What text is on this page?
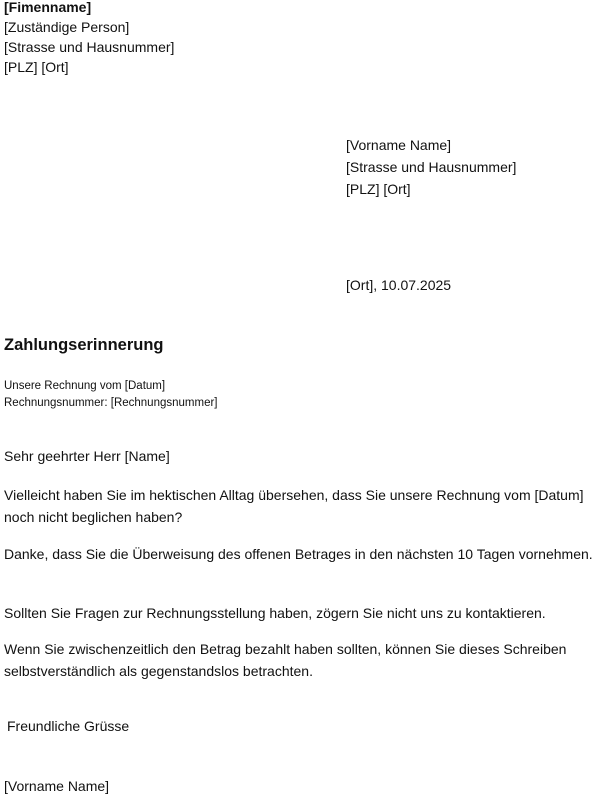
[Fimenname]

[Zuständige Person]

[Strasse und Hausnummer]

[PLZ] [Ort]

[Vorname Name]

[Strasse und Hausnummer]

[PLZ] [Ort]

[Ort], 10.07.2025

Zahlungserinnerung

Unsere Rechnung vom [Datum]

Rechnungsnummer: [Rechnungsnummer]

Sehr geehrter Herr [Name]

Vielleicht haben Sie im hektischen Alltag übersehen, dass Sie unsere Rechnung vom [Datum] noch nicht beglichen haben?

Danke, dass Sie die Überweisung des offenen Betrages in den nächsten 10 Tagen vornehmen.

Sollten Sie Fragen zur Rechnungsstellung haben, zögern Sie nicht uns zu kontaktieren.

Wenn Sie zwischenzeitlich den Betrag bezahlt haben sollten, können Sie dieses Schreiben selbstverständlich als gegenstandslos betrachten.

Freundliche Grüsse

[Vorname Name]
